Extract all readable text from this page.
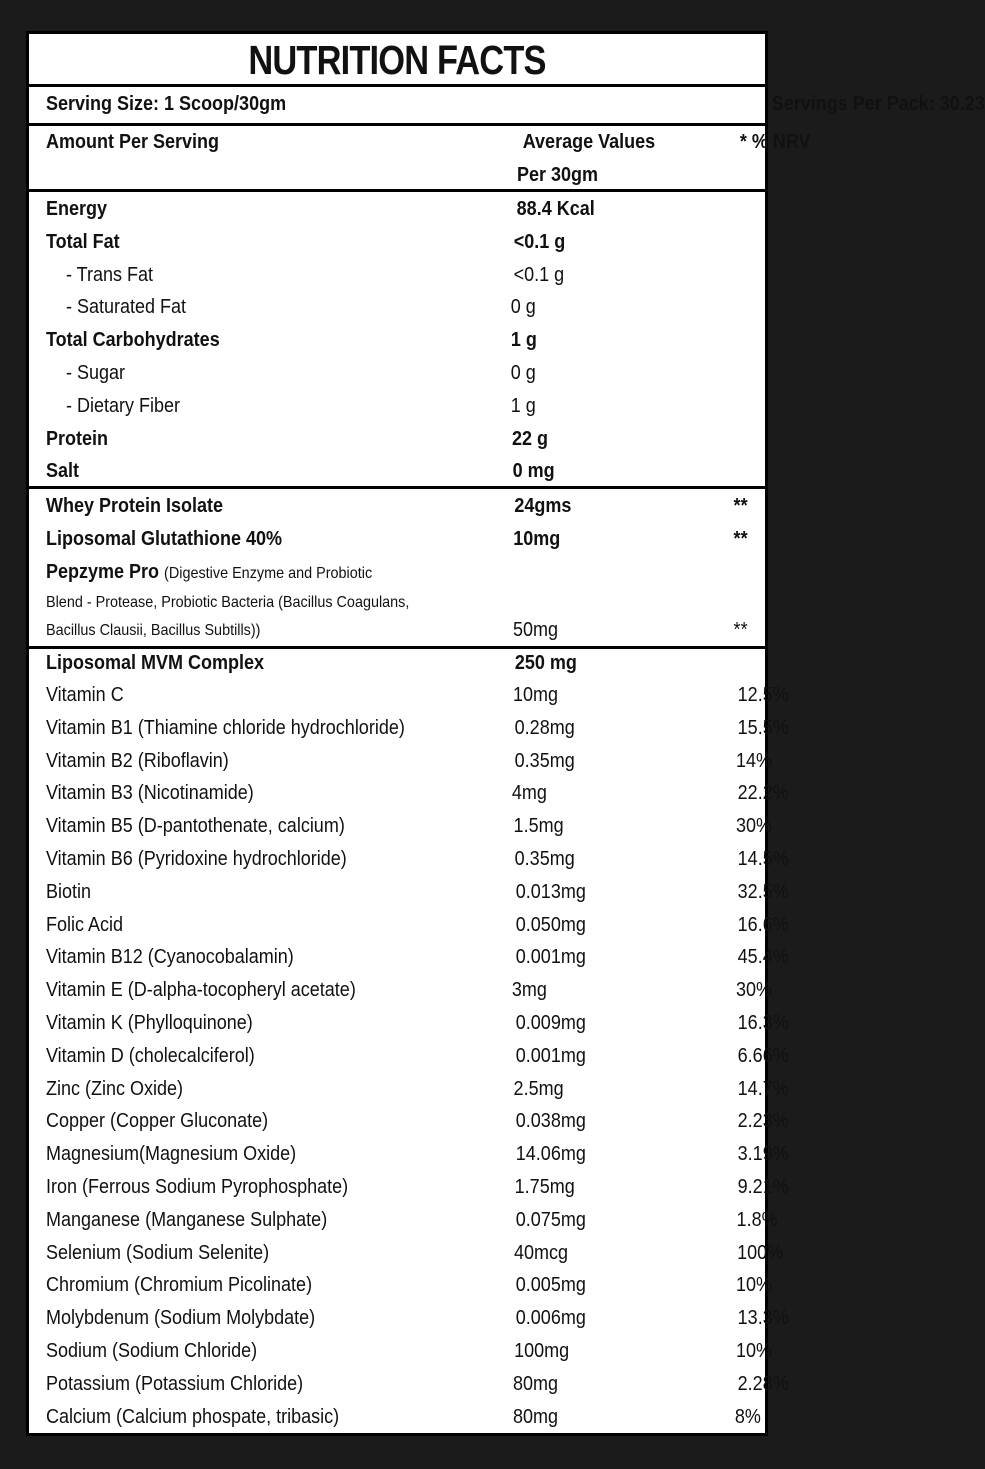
NUTRITION FACTS
Serving Size: 1 Scoop/30gm	Servings Per Pack: 30.23
Amount Per Serving	Average Values	* % NRV
Per 30gm
Energy	88.4 Kcal
Total Fat	<0.1 g
- Trans Fat	<0.1 g
- Saturated Fat	0 g
Total Carbohydrates	1 g
- Sugar	0 g
- Dietary Fiber	1 g
Protein	22 g
Salt	0 mg
Whey Protein Isolate	24gms	**
Liposomal Glutathione 40%	10mg	**
Pepzyme Pro (Digestive Enzyme and Probiotic
Blend - Protease, Probiotic Bacteria (Bacillus Coagulans,
Bacillus Clausii, Bacillus Subtills))	50mg	**
Liposomal MVM Complex	250 mg
Vitamin C	10mg	12.5%
Vitamin B1 (Thiamine chloride hydrochloride)	0.28mg	15.5%
Vitamin B2 (Riboflavin)	0.35mg	14%
Vitamin B3 (Nicotinamide)	4mg	22.2%
Vitamin B5 (D-pantothenate, calcium)	1.5mg	30%
Vitamin B6 (Pyridoxine hydrochloride)	0.35mg	14.5%
Biotin	0.013mg	32.5%
Folic Acid	0.050mg	16.6%
Vitamin B12 (Cyanocobalamin)	0.001mg	45.4%
Vitamin E (D-alpha-tocopheryl acetate)	3mg	30%
Vitamin K (Phylloquinone)	0.009mg	16.3%
Vitamin D (cholecalciferol)	0.001mg	6.66%
Zinc (Zinc Oxide)	2.5mg	14.7%
Copper (Copper Gluconate)	0.038mg	2.23%
Magnesium(Magnesium Oxide)	14.06mg	3.19%
Iron (Ferrous Sodium Pyrophosphate)	1.75mg	9.21%
Manganese (Manganese Sulphate)	0.075mg	1.8%
Selenium (Sodium Selenite)	40mcg	100%
Chromium (Chromium Picolinate)	0.005mg	10%
Molybdenum (Sodium Molybdate)	0.006mg	13.3%
Sodium (Sodium Chloride)	100mg	10%
Potassium (Potassium Chloride)	80mg	2.28%
Calcium (Calcium phospate, tribasic)	80mg	8%
